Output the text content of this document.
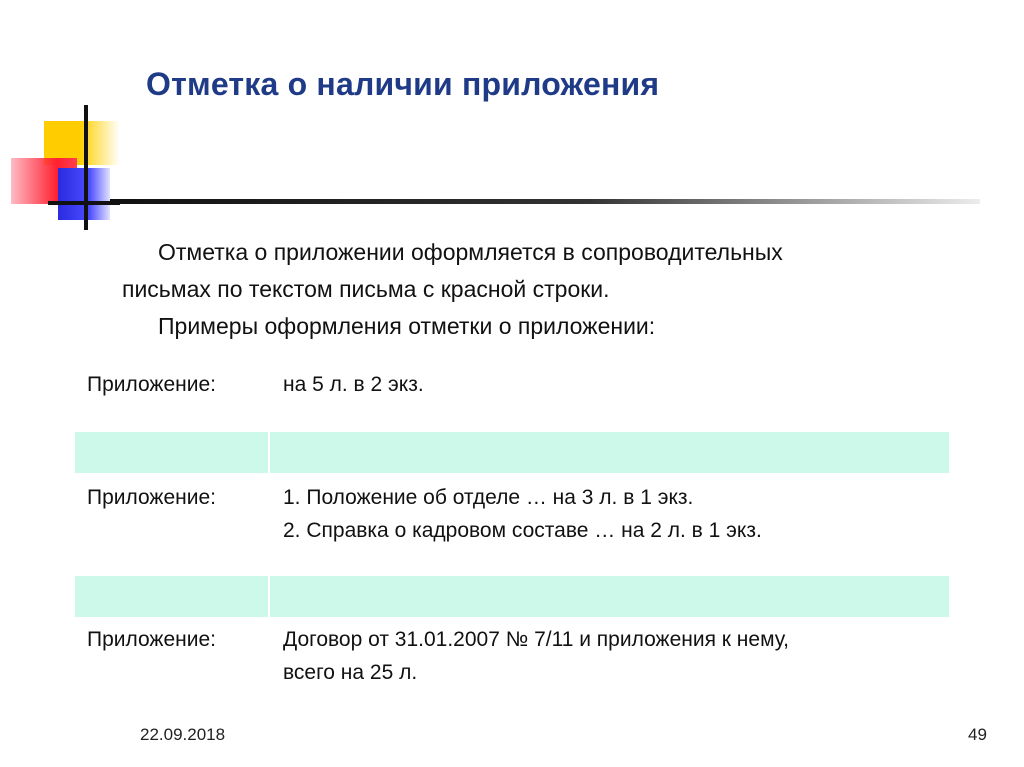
Отметка о наличии приложения

Отметка о приложении оформляется в сопроводительных

письмах по текстом письма с красной строки.

Примеры оформления отметки о приложении:

Приложение:	на 5 л. в 2 экз.
Приложение:	1. Положение об отделе … на 3 л. в 1 экз.
2. Справка о кадровом составе … на 2 л. в 1 экз.
Приложение:	Договор от 31.01.2007 № 7/11 и приложения к нему,
всего на 25 л.
22.09.2018	49
